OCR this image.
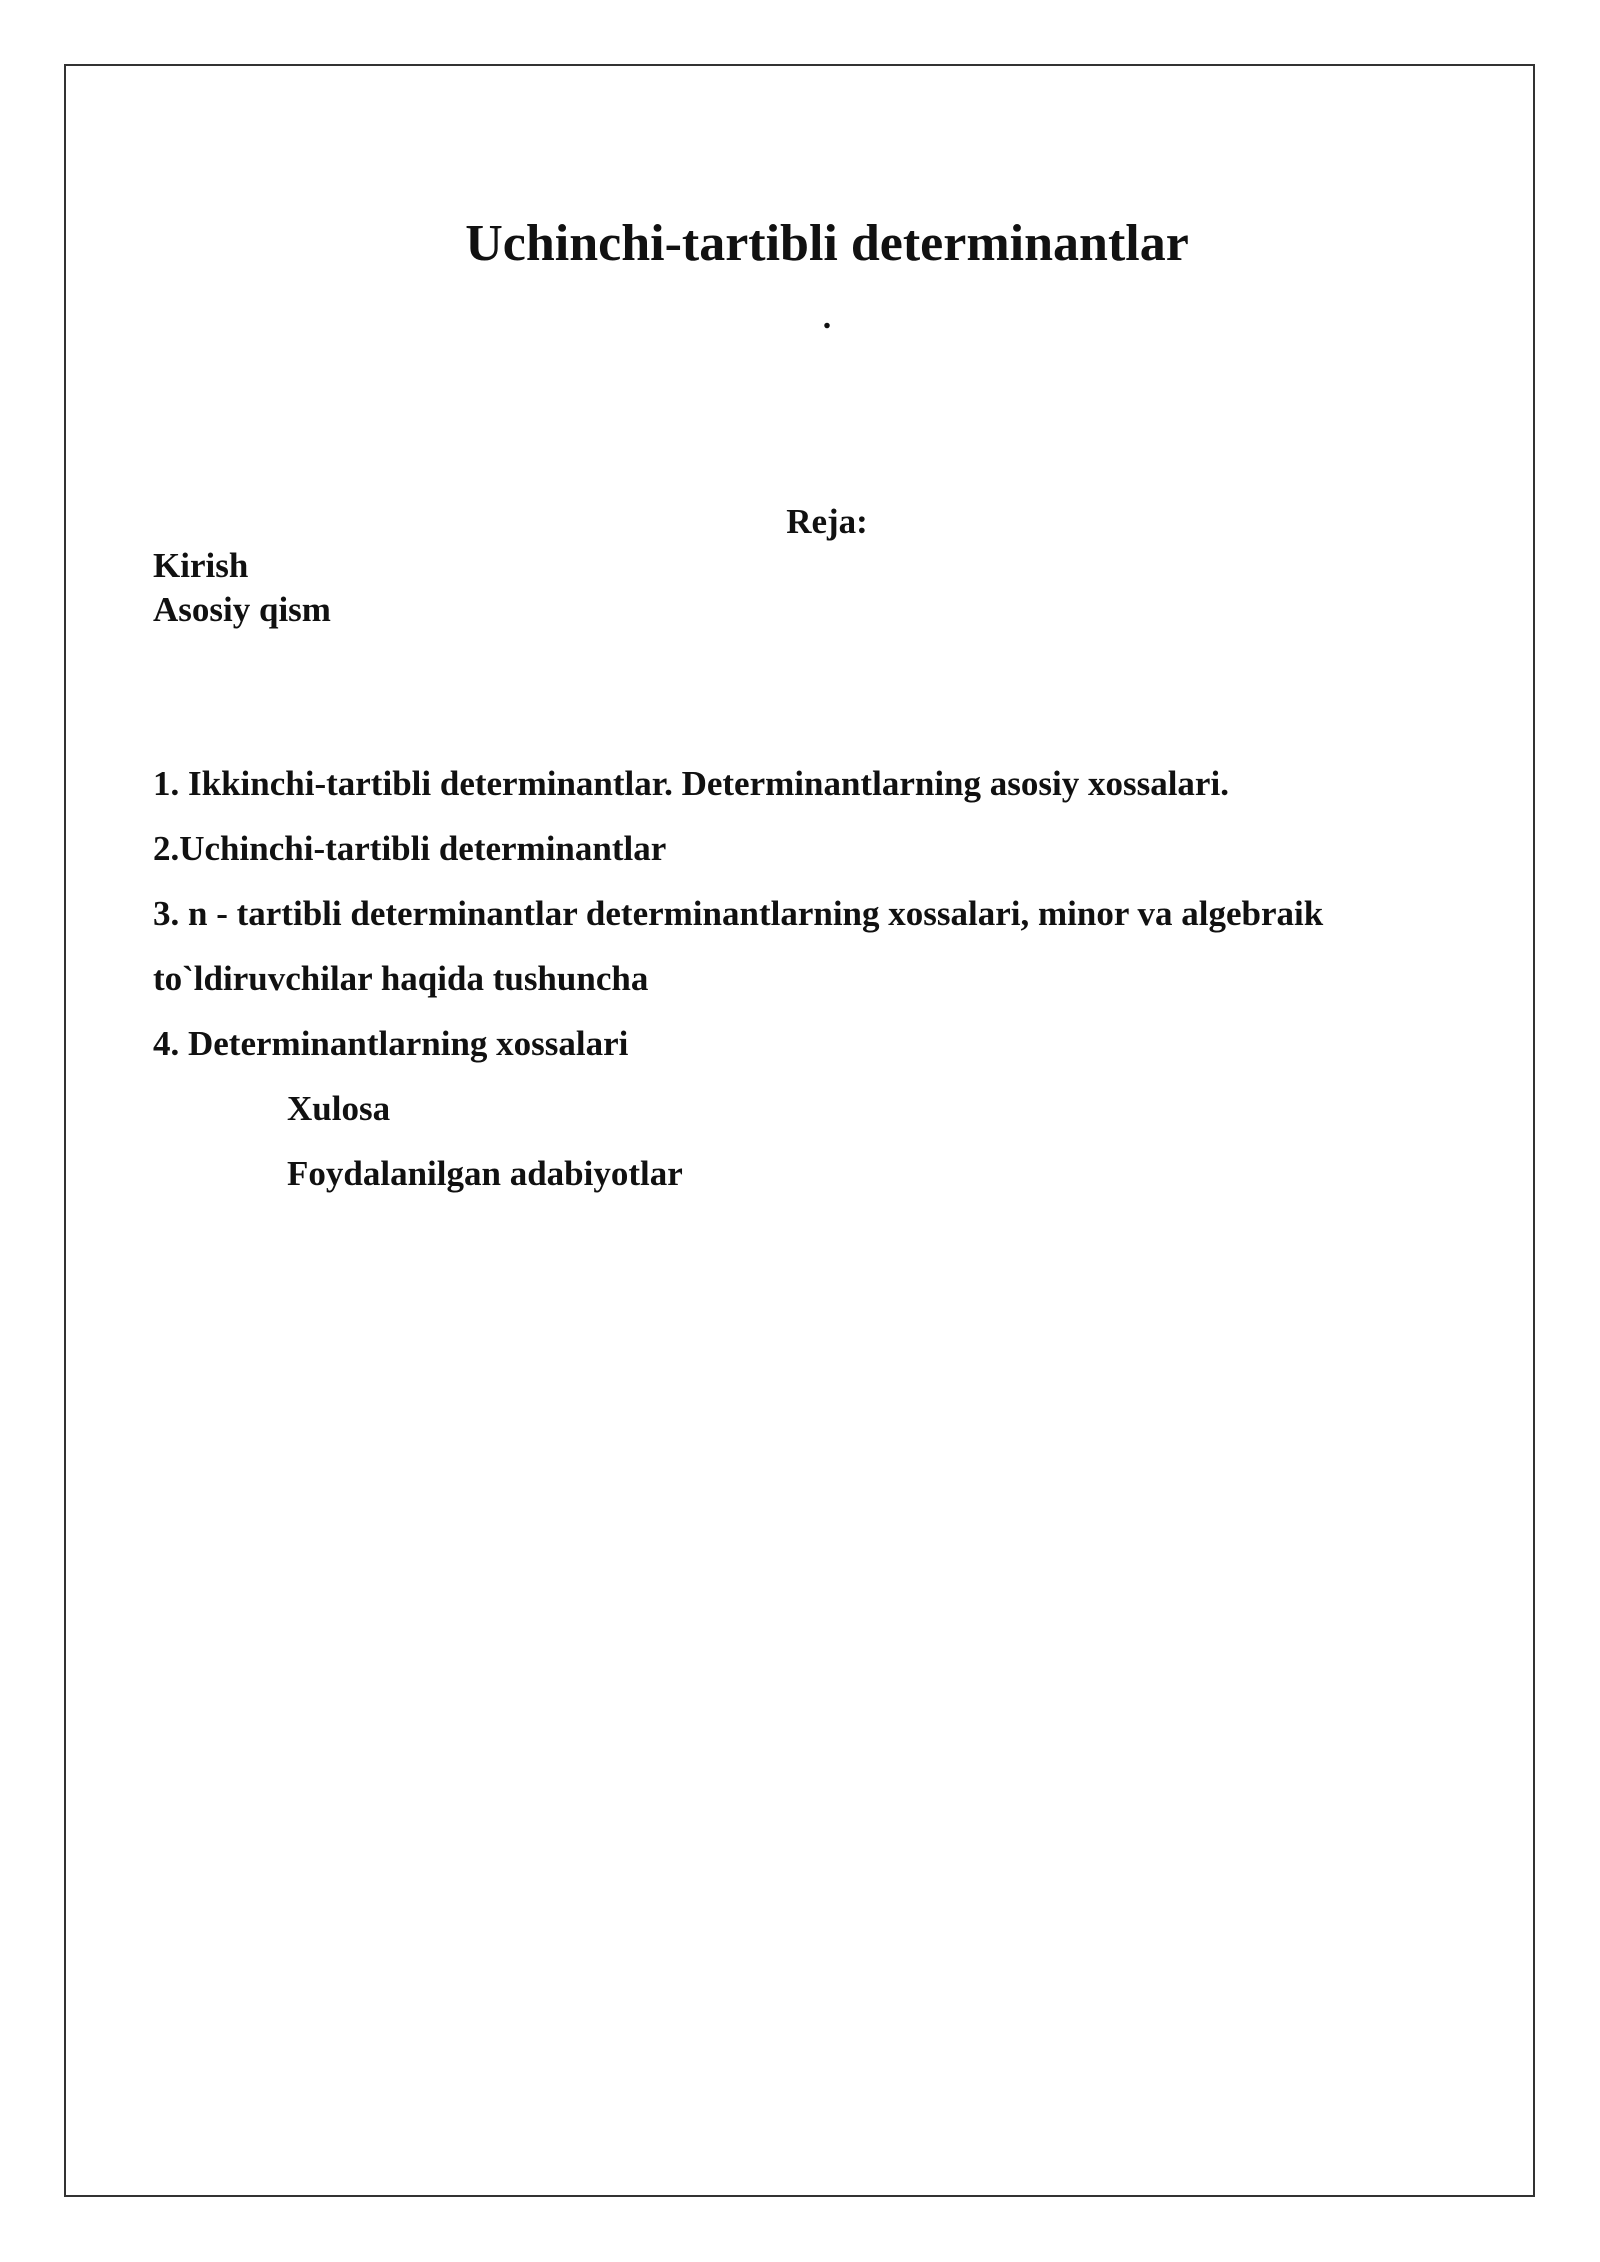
Uchinchi-tartibli determinantlar
.
Reja:
Kirish
Asosiy qism
1. Ikkinchi-tartibli determinantlar. Determinantlarning asosiy xossalari.
2.Uchinchi-tartibli determinantlar
3. n - tartibli determinantlar determinantlarning xossalari, minor va algebraik
to`ldiruvchilar haqida tushuncha
4. Determinantlarning xossalari
Xulosa
Foydalanilgan adabiyotlar
